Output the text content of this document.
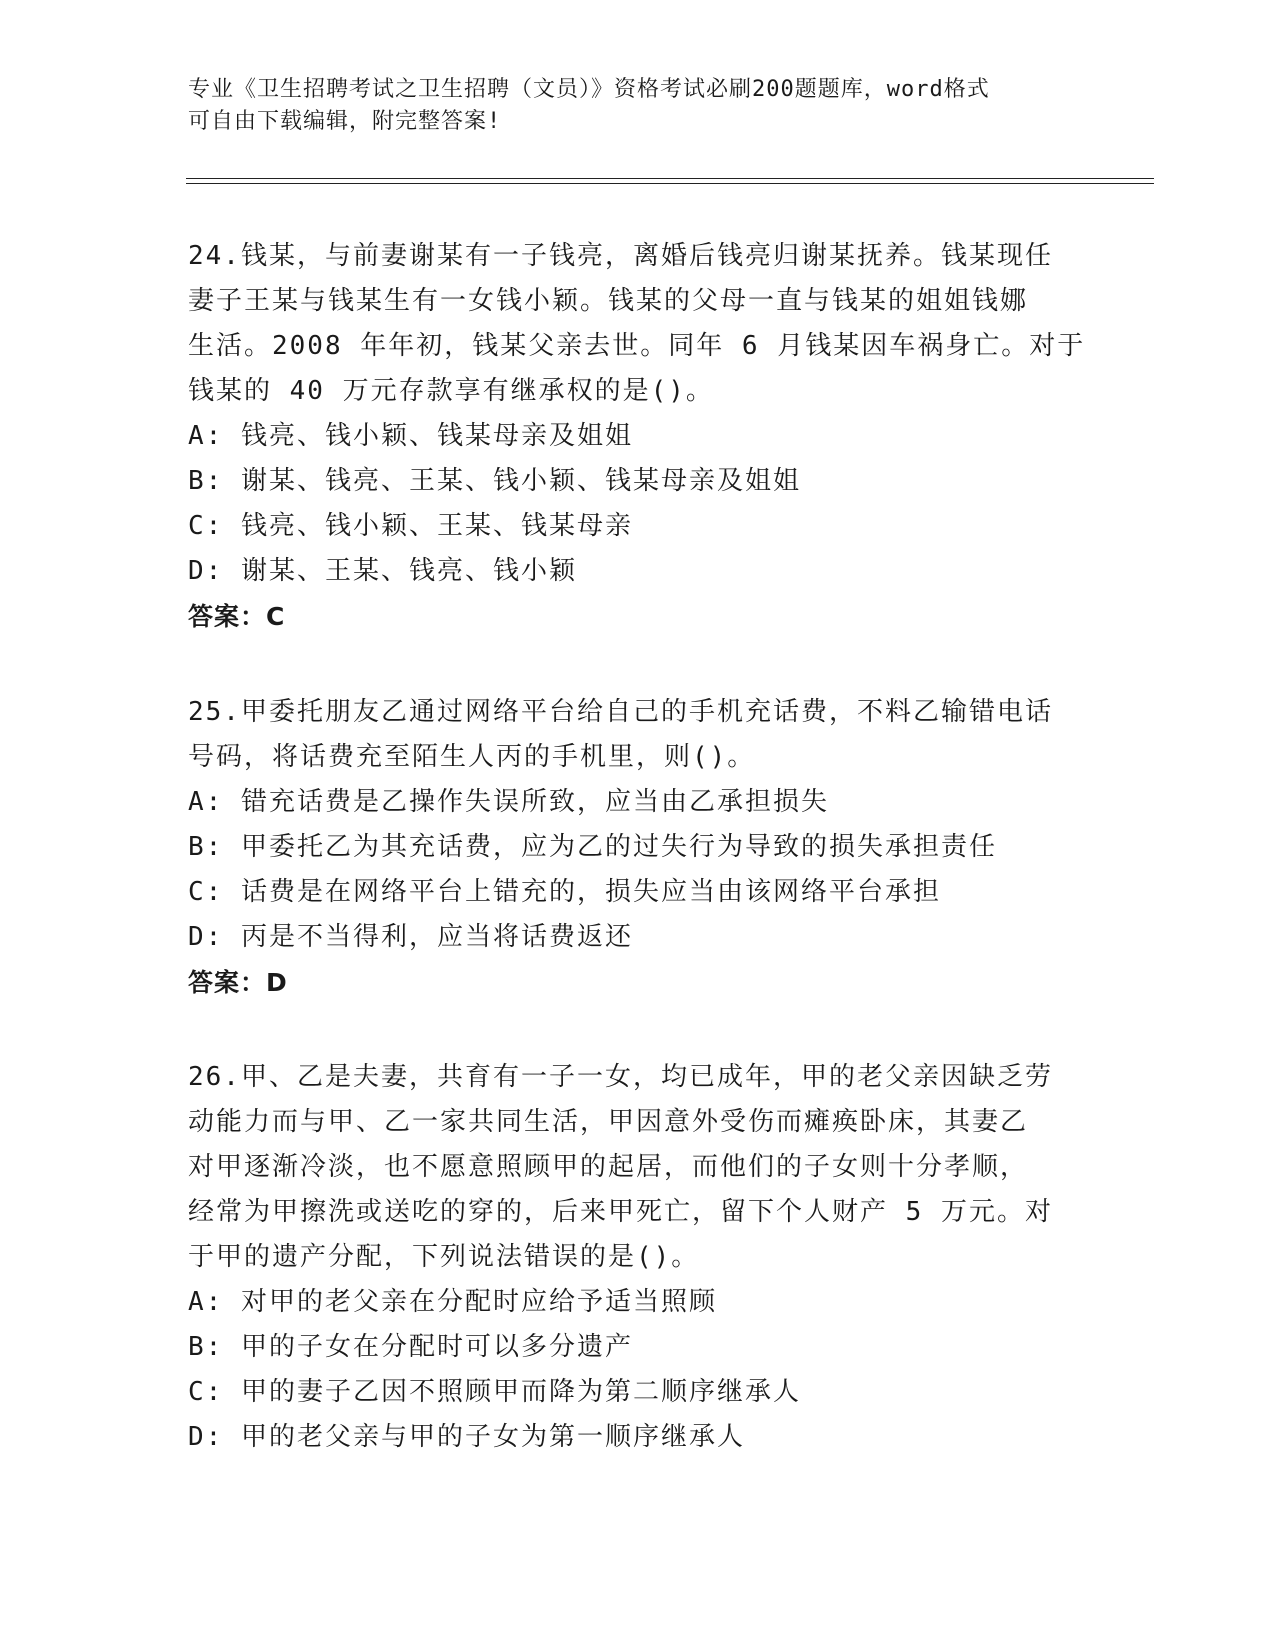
专业《卫生招聘考试之卫生招聘（文员）》资格考试必刷200题题库，word格式
可自由下载编辑，附完整答案!
24.钱某，与前妻谢某有一子钱亮，离婚后钱亮归谢某抚养。钱某现任
妻子王某与钱某生有一女钱小颖。钱某的父母一直与钱某的姐姐钱娜
生活。2008 年年初，钱某父亲去世。同年 6 月钱某因车祸身亡。对于
钱某的 40 万元存款享有继承权的是()。
A: 钱亮、钱小颖、钱某母亲及姐姐
B: 谢某、钱亮、王某、钱小颖、钱某母亲及姐姐
C: 钱亮、钱小颖、王某、钱某母亲
D: 谢某、王某、钱亮、钱小颖
答案：C
25.甲委托朋友乙通过网络平台给自己的手机充话费，不料乙输错电话
号码，将话费充至陌生人丙的手机里，则()。
A: 错充话费是乙操作失误所致，应当由乙承担损失
B: 甲委托乙为其充话费，应为乙的过失行为导致的损失承担责任
C: 话费是在网络平台上错充的，损失应当由该网络平台承担
D: 丙是不当得利，应当将话费返还
答案：D
26.甲、乙是夫妻，共育有一子一女，均已成年，甲的老父亲因缺乏劳
动能力而与甲、乙一家共同生活，甲因意外受伤而瘫痪卧床，其妻乙
对甲逐渐冷淡，也不愿意照顾甲的起居，而他们的子女则十分孝顺，
经常为甲擦洗或送吃的穿的，后来甲死亡，留下个人财产 5 万元。对
于甲的遗产分配，下列说法错误的是()。
A: 对甲的老父亲在分配时应给予适当照顾
B: 甲的子女在分配时可以多分遗产
C: 甲的妻子乙因不照顾甲而降为第二顺序继承人
D: 甲的老父亲与甲的子女为第一顺序继承人
